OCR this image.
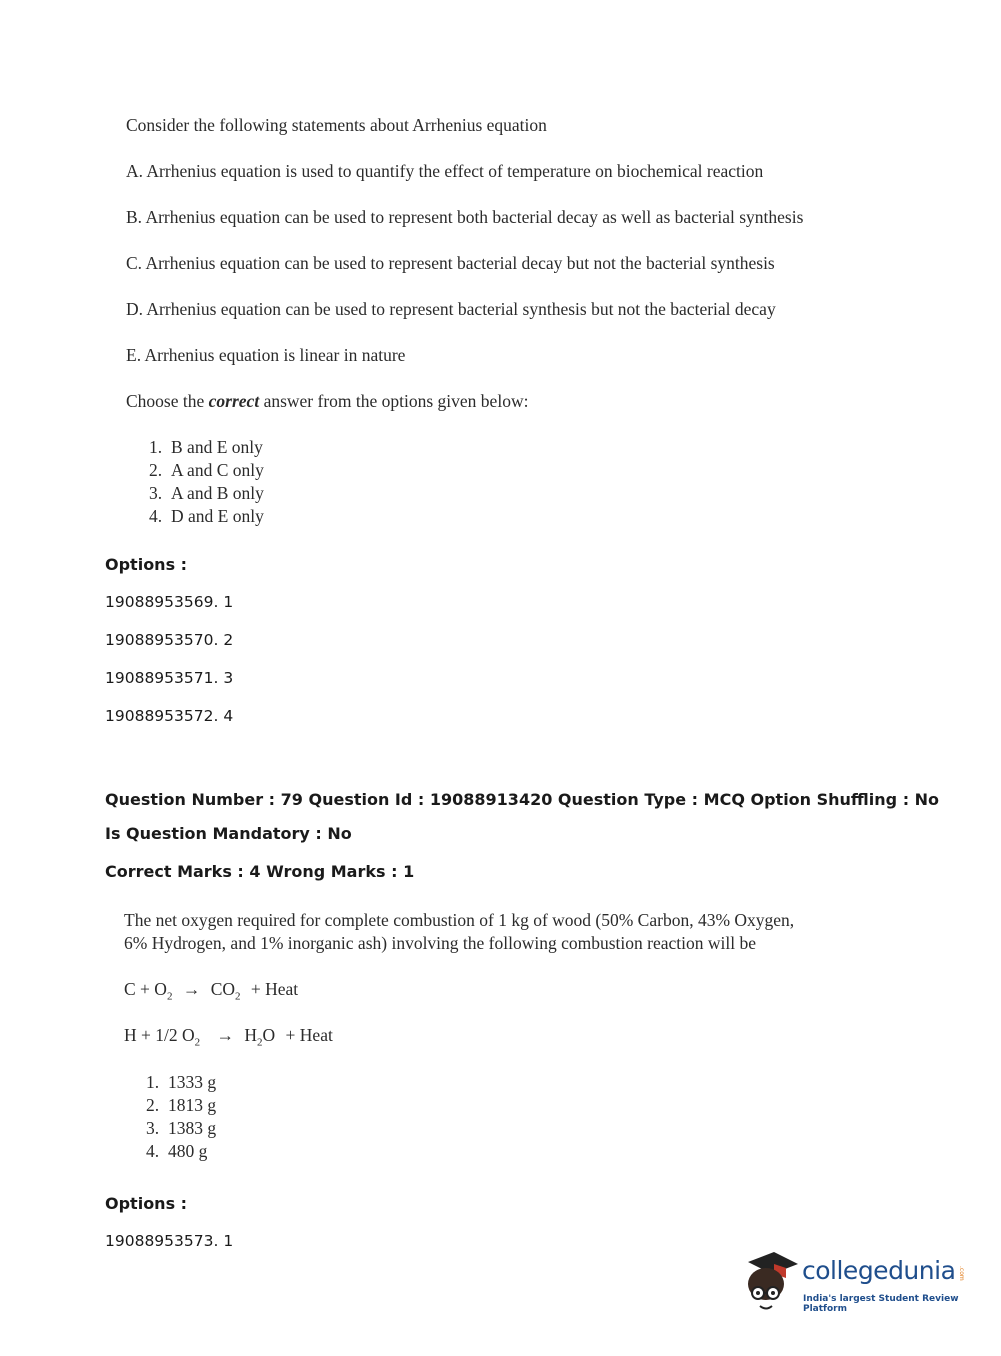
Consider the following statements about Arrhenius equation
A. Arrhenius equation is used to quantify the effect of temperature on biochemical reaction
B. Arrhenius equation can be used to represent both bacterial decay as well as bacterial synthesis
C. Arrhenius equation can be used to represent bacterial decay but not the bacterial synthesis
D. Arrhenius equation can be used to represent bacterial synthesis but not the bacterial decay
E. Arrhenius equation is linear in nature
Choose the correct answer from the options given below:
1. B and E only
2. A and C only
3. A and B only
4. D and E only
Options :
19088953569. 1
19088953570. 2
19088953571. 3
19088953572. 4
Question Number : 79 Question Id : 19088913420 Question Type : MCQ Option Shuffling : No
Is Question Mandatory : No
Correct Marks : 4 Wrong Marks : 1
The net oxygen required for complete combustion of 1 kg of wood (50% Carbon, 43% Oxygen,
6% Hydrogen, and 1% inorganic ash) involving the following combustion reaction will be
$C + O_2 \to CO_2$ + Heat
H + 1/2 $O_2 \to H_2O$ + Heat
1. 1333 g
2. 1813 g
3. 1383 g
4. 480 g
Options :
19088953573. 1
collegedunia .com
India's largest Student Review Platform
